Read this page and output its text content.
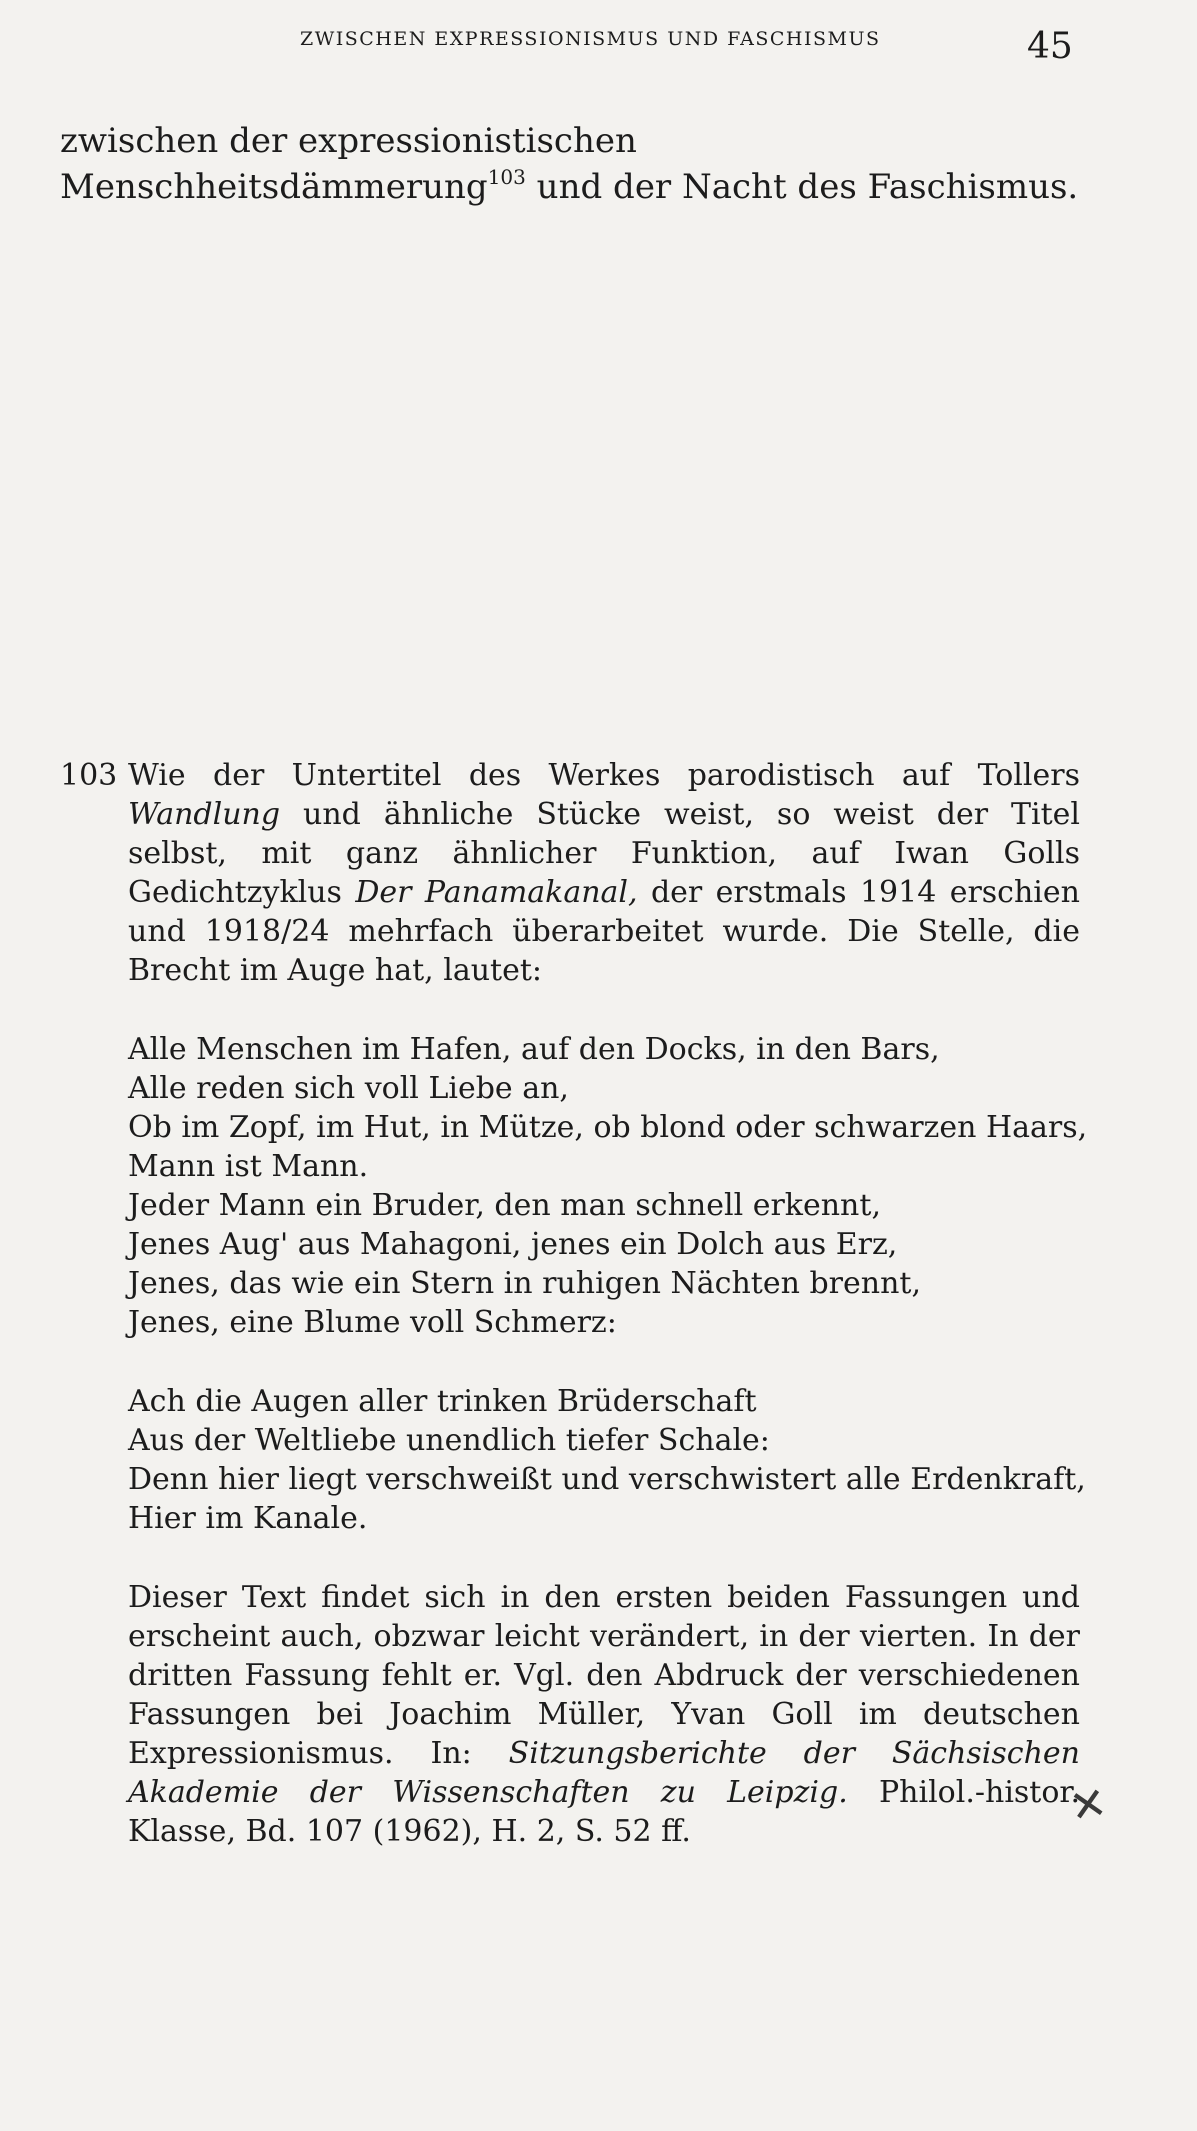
ZWISCHEN EXPRESSIONISMUS UND FASCHISMUS	45
zwischen der expressionistischen Menschheitsdämmerung$^{103}$ und der Nacht des Faschismus.
103 Wie der Untertitel des Werkes parodistisch auf Tollers Wandlung und ähnliche Stücke weist, so weist der Titel selbst, mit ganz ähnlicher Funktion, auf Iwan Golls Gedichtzyklus Der Panamakanal, der erstmals 1914 erschien und 1918/24 mehrfach überarbeitet wurde. Die Stelle, die Brecht im Auge hat, lautet:
Alle Menschen im Hafen, auf den Docks, in den Bars,
Alle reden sich voll Liebe an,
Ob im Zopf, im Hut, in Mütze, ob blond oder schwarzen Haars,
Mann ist Mann.
Jeder Mann ein Bruder, den man schnell erkennt,
Jenes Aug' aus Mahagoni, jenes ein Dolch aus Erz,
Jenes, das wie ein Stern in ruhigen Nächten brennt,
Jenes, eine Blume voll Schmerz:
Ach die Augen aller trinken Brüderschaft
Aus der Weltliebe unendlich tiefer Schale:
Denn hier liegt verschweißt und verschwistert alle Erdenkraft,
Hier im Kanale.
Dieser Text findet sich in den ersten beiden Fassungen und erscheint auch, obzwar leicht verändert, in der vierten. In der dritten Fassung fehlt er. Vgl. den Abdruck der verschiedenen Fassungen bei Joachim Müller, Yvan Goll im deutschen Expressionismus. In: Sitzungsberichte der Sächsischen Akademie der Wissenschaften zu Leipzig. Philol.-histor. Klasse, Bd. 107 (1962), H. 2, S. 52 ff.	✕
